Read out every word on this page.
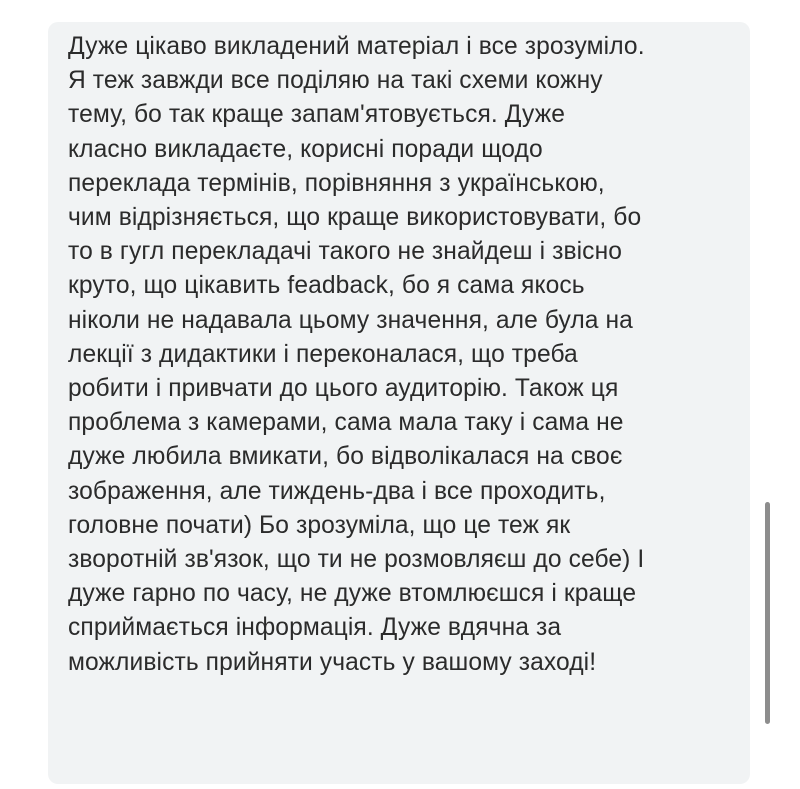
Дуже цікаво викладений матеріал і все зрозуміло.
Я теж завжди все поділяю на такі схеми кожну
тему, бо так краще запам'ятовується. Дуже
класно викладаєте, корисні поради щодо
переклада термінів, порівняння з українською,
чим відрізняється, що краще використовувати, бо
то в гугл перекладачі такого не знайдеш і звісно
круто, що цікавить feadback, бо я сама якось
ніколи не надавала цьому значення, але була на
лекції з дидактики і переконалася, що треба
робити і привчати до цього аудиторію. Також ця
проблема з камерами, сама мала таку і сама не
дуже любила вмикати, бо відволікалася на своє
зображення, але тиждень-два і все проходить,
головне почати) Бо зрозуміла, що це теж як
зворотній зв'язок, що ти не розмовляєш до себе) І
дуже гарно по часу, не дуже втомлюєшся і краще
сприймається інформація. Дуже вдячна за
можливість прийняти участь у вашому заході!
